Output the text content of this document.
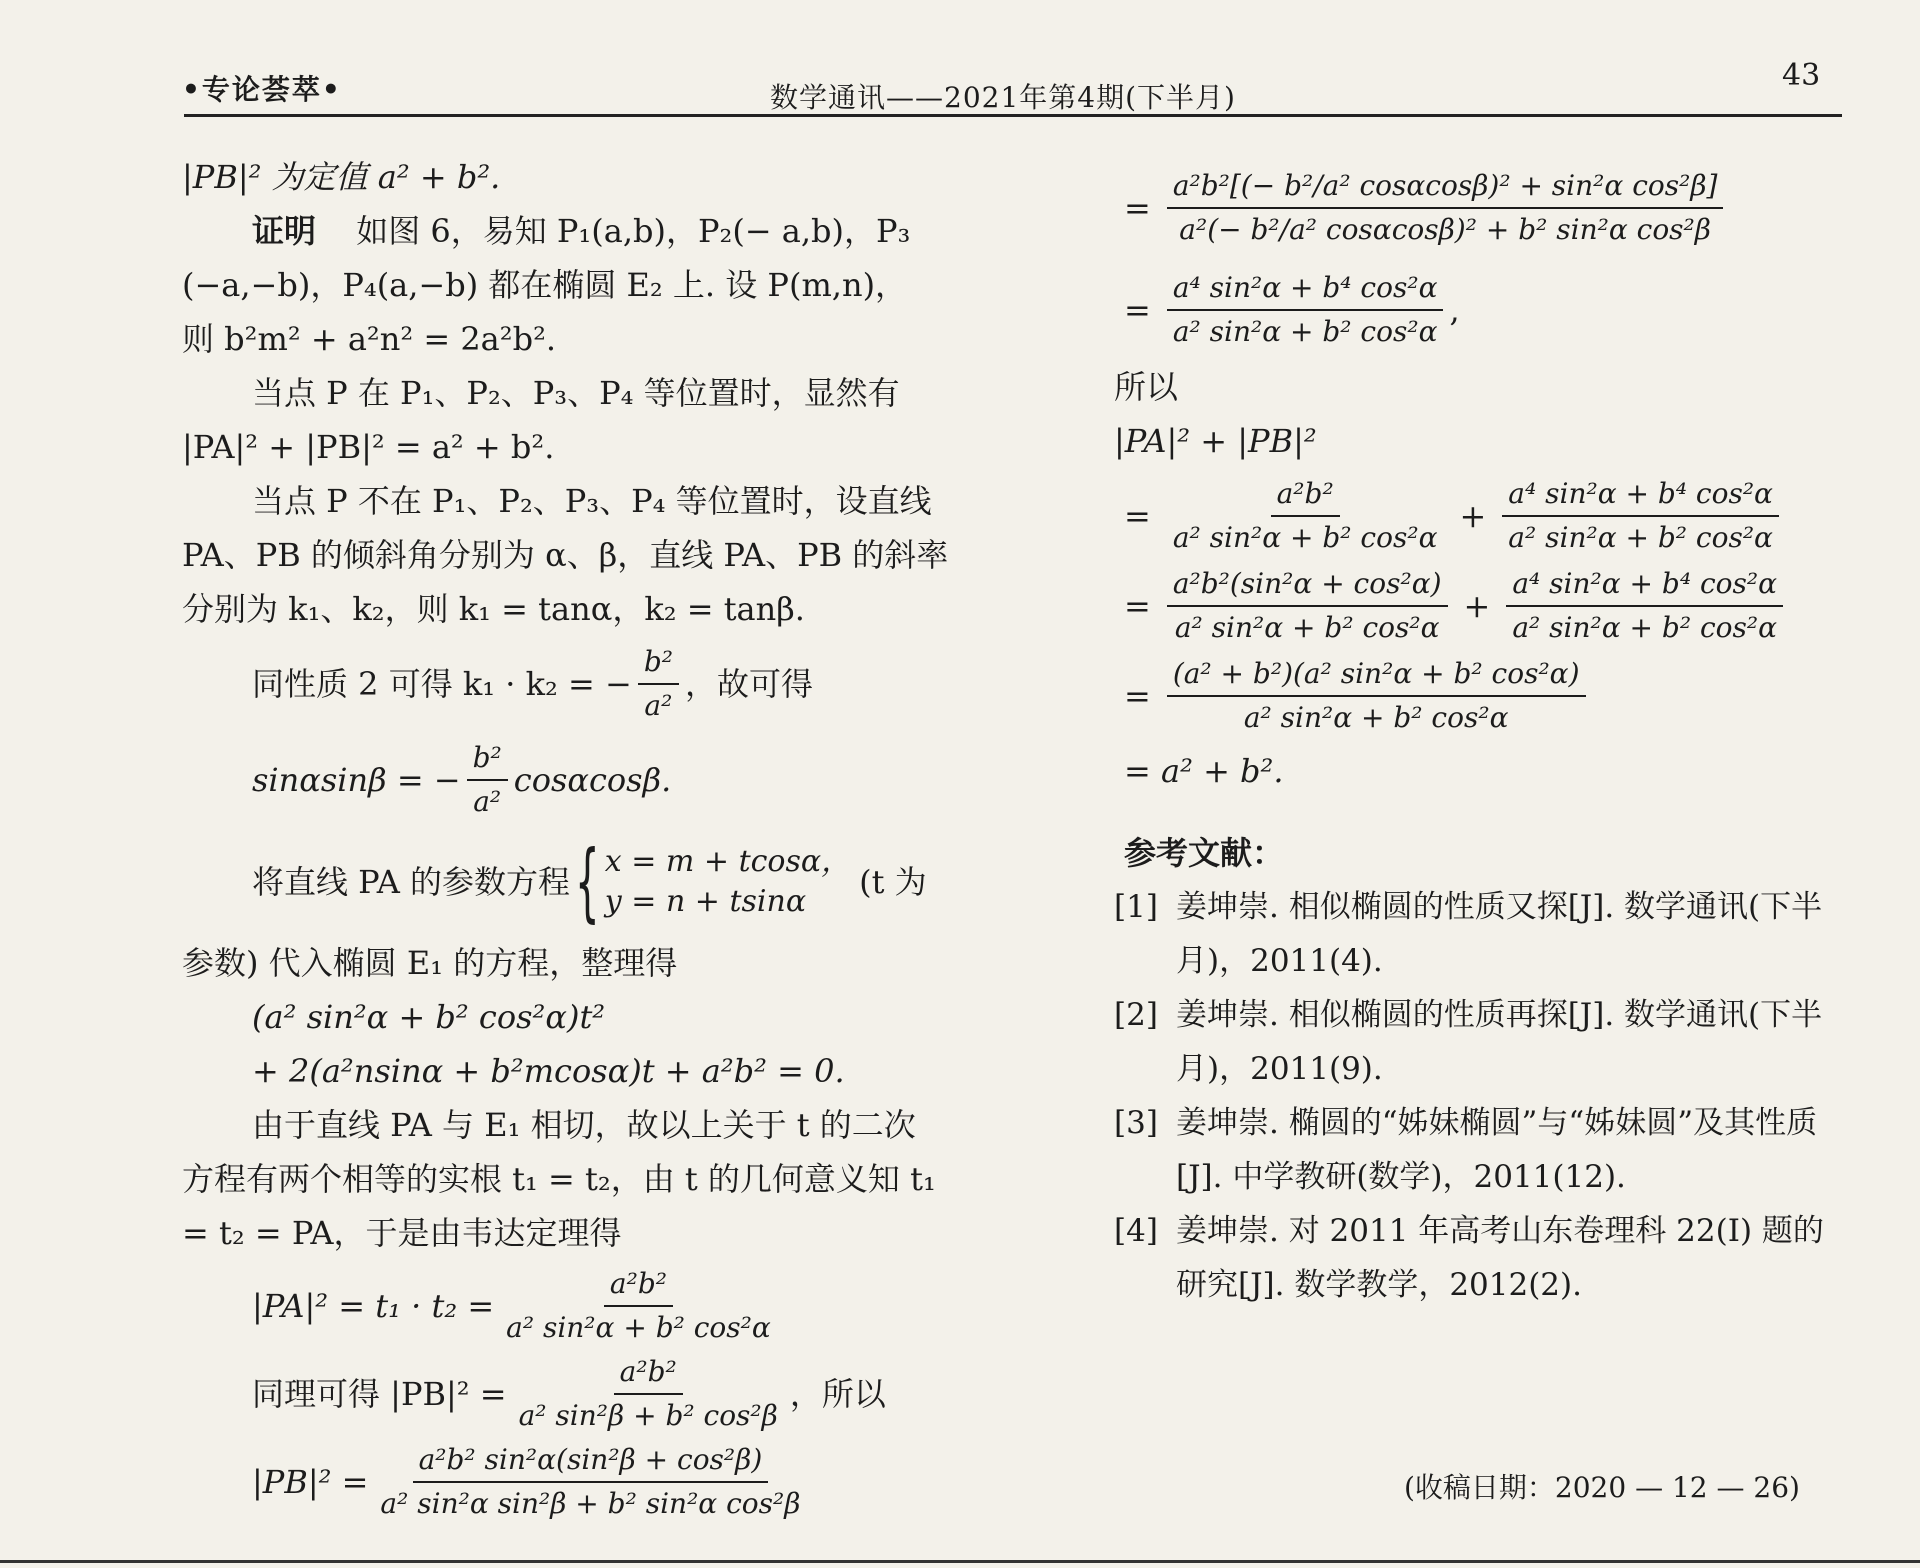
•专论荟萃•	数学通讯——2021年第4期(下半月)
43
|PB|² 为定值 a² + b².
证明 如图 6，易知 P₁(a,b)，P₂(− a,b)，P₃
(−a,−b)，P₄(a,−b) 都在椭圆 E₂ 上. 设 P(m,n)，
则 b²m² + a²n² = 2a²b².
当点 P 在 P₁、P₂、P₃、P₄ 等位置时，显然有
|PA|² + |PB|² = a² + b².
当点 P 不在 P₁、P₂、P₃、P₄ 等位置时，设直线
PA、PB 的倾斜角分别为 α、β，直线 PA、PB 的斜率
分别为 k₁、k₂，则 k₁ = tanα，k₂ = tanβ.
同性质 2 可得 k₁ · k₂ = − $\frac{\text{b²}}{\text{a²}}$ ，故可得
sinαsinβ = − $\frac{\text{b²}}{\text{a²}} \cos\alpha\cos\beta$.
将直线 PA 的参数方程 { x = m + tcosα，
y = n + tsinα
(t 为
参数) 代入椭圆 E₁ 的方程，整理得
(a² sin²α + b² cos²α)t²
+ 2(a²nsinα + b²mcosα)t + a²b² = 0.
由于直线 PA 与 E₁ 相切，故以上关于 t 的二次
方程有两个相等的实根 t₁ = t₂，由 t 的几何意义知 t₁
= t₂ = PA，于是由韦达定理得
$|PA|^2 = t_1 \cdot t_2 = \frac{\text{a²b²}}{\text{a² sin²α + b² cos²α}}$
同理可得 $|PB|^2 = \frac{\text{a²b²}}{\text{a² sin²β + b² cos²β}}$ ，所以
$|PB|^2 = \frac{\text{a²b² sin²α(sin²β + cos²β)}}{\text{a² sin²α sin²β + b² sin²α cos²β}}$
= $\frac{\text{a²b²[(− b²/a² cosαcosβ)² + sin²α cos²β]}}{\text{a²(− b²/a² cosαcosβ)² + b² sin²α cos²β}}$
= $\frac{\text{a⁴ sin²α + b⁴ cos²α}}{\text{a² sin²α + b² cos²α}}$ ,
所以
|PA|² + |PB|²
= $\frac{\text{a²b²}}{\text{a² sin²α + b² cos²α}} + \frac{\text{a⁴ sin²α + b⁴ cos²α}}{\text{a² sin²α + b² cos²α}}$
= $\frac{\text{a²b²(sin²α + cos²α)}}{\text{a² sin²α + b² cos²α}} + \frac{\text{a⁴ sin²α + b⁴ cos²α}}{\text{a² sin²α + b² cos²α}}$
= $\frac{\text{(a² + b²)(a² sin²α + b² cos²α)}}{\text{a² sin²α + b² cos²α}}$
= a² + b².
参考文献：
[1] 姜坤崇. 相似椭圆的性质又探[J]. 数学通讯(下半月)，2011(4).
[2] 姜坤崇. 相似椭圆的性质再探[J]. 数学通讯(下半月)，2011(9).
[3] 姜坤崇. 椭圆的“姊妹椭圆”与“姊妹圆”及其性质[J]. 中学教研(数学)，2011(12).
[4] 姜坤崇. 对 2011 年高考山东卷理科 22(I) 题的研究[J]. 数学教学，2012(2).
(收稿日期：2020 — 12 — 26)
